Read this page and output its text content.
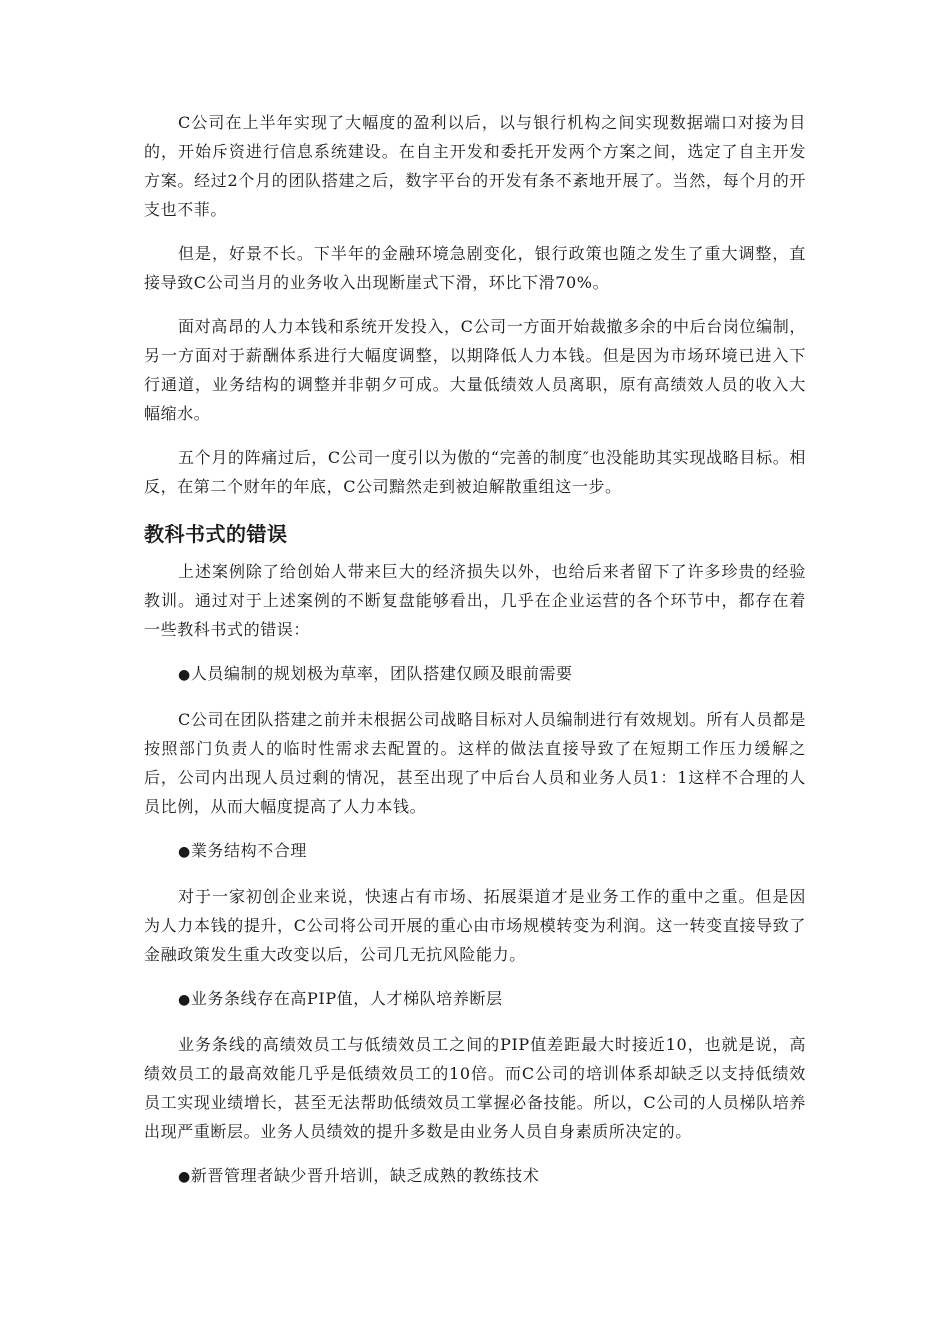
C公司在上半年实现了大幅度的盈利以后，以与银行机构之间实现数据端口对接为目的，开始斥资进行信息系统建设。在自主开发和委托开发两个方案之间，选定了自主开发方案。经过2个月的团队搭建之后，数字平台的开发有条不紊地开展了。当然，每个月的开支也不菲。

但是，好景不长。下半年的金融环境急剧变化，银行政策也随之发生了重大调整，直接导致C公司当月的业务收入出现断崖式下滑，环比下滑70%。

面对高昂的人力本钱和系统开发投入，C公司一方面开始裁撤多余的中后台岗位编制，另一方面对于薪酬体系进行大幅度调整，以期降低人力本钱。但是因为市场环境已进入下行通道，业务结构的调整并非朝夕可成。大量低绩效人员离职，原有高绩效人员的收入大幅缩水。

五个月的阵痛过后，C公司一度引以为傲的“完善的制度″也没能助其实现战略目标。相反，在第二个财年的年底，C公司黯然走到被迫解散重组这一步。

教科书式的错误

上述案例除了给创始人带来巨大的经济损失以外，也给后来者留下了许多珍贵的经验教训。通过对于上述案例的不断复盘能够看出，几乎在企业运营的各个环节中，都存在着一些教科书式的错误：

●人员编制的规划极为草率，团队搭建仅顾及眼前需要

C公司在团队搭建之前并未根据公司战略目标对人员编制进行有效规划。所有人员都是按照部门负责人的临时性需求去配置的。这样的做法直接导致了在短期工作压力缓解之后，公司内出现人员过剩的情况，甚至出现了中后台人员和业务人员1：1这样不合理的人员比例，从而大幅度提高了人力本钱。

●業务结构不合理

对于一家初创企业来说，快速占有市场、拓展渠道才是业务工作的重中之重。但是因为人力本钱的提升，C公司将公司开展的重心由市场规模转变为利润。这一转变直接导致了金融政策发生重大改变以后，公司几无抗风险能力。

●业务条线存在高PIP值，人才梯队培养断层

业务条线的高绩效员工与低绩效员工之间的PIP值差距最大时接近10，也就是说，高绩效员工的最高效能几乎是低绩效员工的10倍。而C公司的培训体系却缺乏以支持低绩效员工实现业绩增长，甚至无法帮助低绩效员工掌握必备技能。所以，C公司的人员梯队培养出现严重断层。业务人员绩效的提升多数是由业务人员自身素质所决定的。

●新晋管理者缺少晋升培训，缺乏成熟的教练技术
